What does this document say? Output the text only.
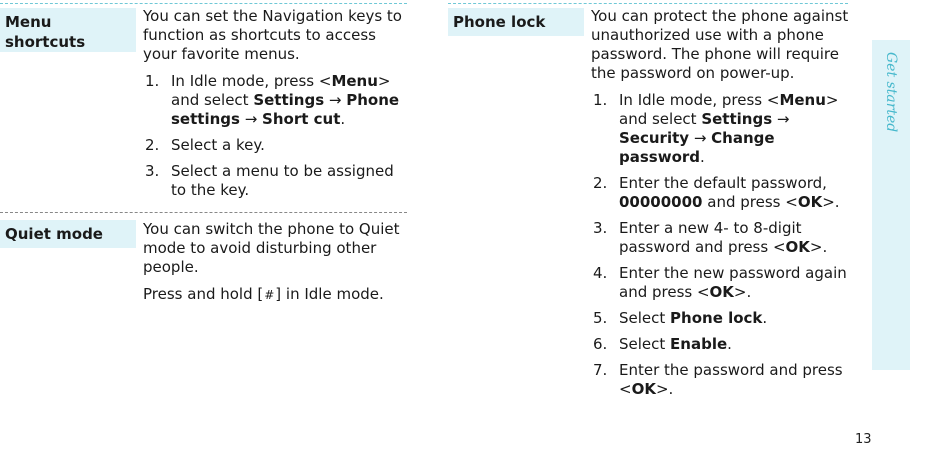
Menu shortcuts

You can set the Navigation keys to function as shortcuts to access your favorite menus.

1. In Idle mode, press <Menu> and select Settings → Phone settings → Short cut.
2. Select a key.
3. Select a menu to be assigned to the key.
Quiet mode	You can switch the phone to Quiet mode to avoid disturbing other people.

Press and hold [#] in Idle mode.

Phone lock	You can protect the phone against unauthorized use with a phone password. The phone will require the password on power-up.

1. In Idle mode, press <Menu> and select Settings → Security → Change password.
2. Enter the default password, 00000000 and press <OK>.
3. Enter a new 4- to 8-digit password and press <OK>.
4. Enter the new password again and press <OK>.
5. Select Phone lock.
6. Select Enable.
7. Enter the password and press <OK>.
Get started
13
